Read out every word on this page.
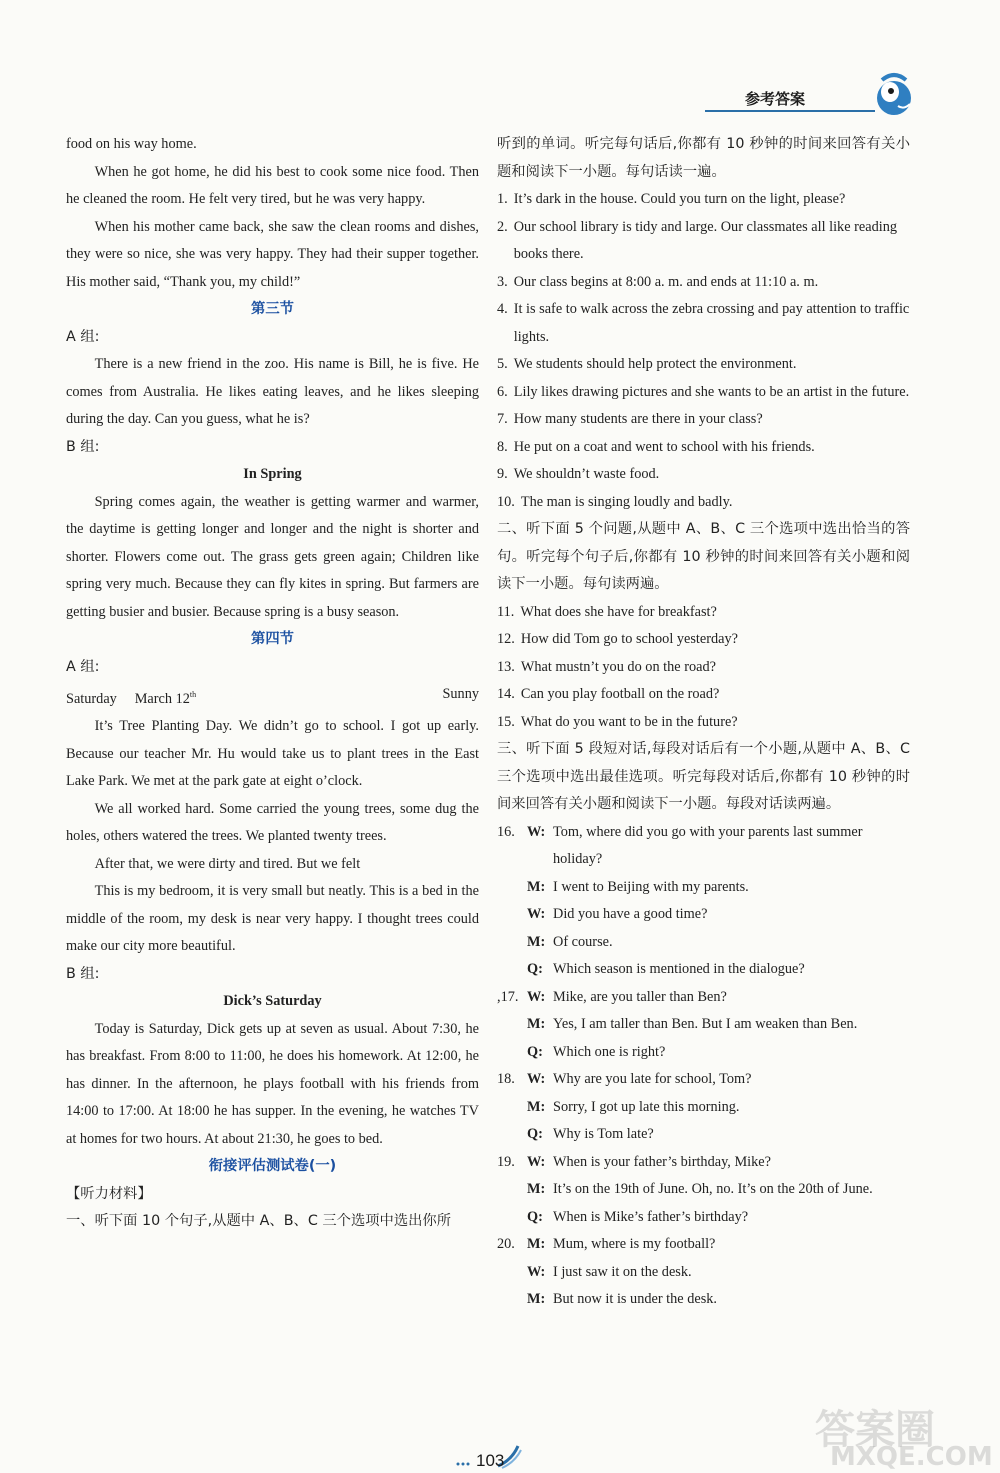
参考答案
food on his way home.
When he got home, he did his best to cook some nice food. Then he cleaned the room. He felt very tired, but he was very happy.
When his mother came back, she saw the clean rooms and dishes, they were so nice, she was very happy. They had their supper together. His mother said, “Thank you, my child!”
第三节
A 组:
There is a new friend in the zoo. His name is Bill, he is five. He comes from Australia. He likes eating leaves, and he likes sleeping during the day. Can you guess, what he is?
B 组:
In Spring
Spring comes again, the weather is getting warmer and warmer, the daytime is getting longer and longer and the night is shorter and shorter. Flowers come out. The grass gets green again; Children like spring very much. Because they can fly kites in spring. But farmers are getting busier and busier. Because spring is a busy season.
第四节
A 组:
Saturday March 12th	Sunny
It’s Tree Planting Day. We didn’t go to school. I got up early. Because our teacher Mr. Hu would take us to plant trees in the East Lake Park. We met at the park gate at eight o’clock.
We all worked hard. Some carried the young trees, some dug the holes, others watered the trees. We planted twenty trees.
After that, we were dirty and tired. But we felt
This is my bedroom, it is very small but neatly. This is a bed in the middle of the room, my desk is near very happy. I thought trees could make our city more beautiful.
B 组:
Dick’s Saturday
Today is Saturday, Dick gets up at seven as usual. About 7:30, he has breakfast. From 8:00 to 11:00, he does his homework. At 12:00, he has dinner. In the afternoon, he plays football with his friends from 14:00 to 17:00. At 18:00 he has supper. In the evening, he watches TV at homes for two hours. At about 21:30, he goes to bed.
衔接评估测试卷(一)
【听力材料】
一、听下面 10 个句子,从题中 A、B、C 三个选项中选出你所
听到的单词。听完每句话后,你都有 10 秒钟的时间来回答有关小题和阅读下一小题。每句话读一遍。
1. It’s dark in the house. Could you turn on the light, please?
2. Our school library is tidy and large. Our classmates all like reading books there.
3. Our class begins at 8:00 a. m. and ends at 11:10 a. m.
4. It is safe to walk across the zebra crossing and pay attention to traffic lights.
5. We students should help protect the environment.
6. Lily likes drawing pictures and she wants to be an artist in the future.
7. How many students are there in your class?
8. He put on a coat and went to school with his friends.
9. We shouldn’t waste food.
10. The man is singing loudly and badly.
二、听下面 5 个问题,从题中 A、B、C 三个选项中选出恰当的答句。听完每个句子后,你都有 10 秒钟的时间来回答有关小题和阅读下一小题。每句读两遍。
11. What does she have for breakfast?
12. How did Tom go to school yesterday?
13. What mustn’t you do on the road?
14. Can you play football on the road?
15. What do you want to be in the future?
三、听下面 5 段短对话,每段对话后有一个小题,从题中 A、B、C 三个选项中选出最佳选项。听完每段对话后,你都有 10 秒钟的时间来回答有关小题和阅读下一小题。每段对话读两遍。
16. W: Tom, where did you go with your parents last summer holiday?
M: I went to Beijing with my parents.
W: Did you have a good time?
M: Of course.
Q: Which season is mentioned in the dialogue?
,17. W: Mike, are you taller than Ben?
M: Yes, I am taller than Ben. But I am weaken than Ben.
Q: Which one is right?
18. W: Why are you late for school, Tom?
M: Sorry, I got up late this morning.
Q: Why is Tom late?
19. W: When is your father’s birthday, Mike?
M: It’s on the 19th of June. Oh, no. It’s on the 20th of June.
Q: When is Mike’s father’s birthday?
20. M: Mum, where is my football?
W: I just saw it on the desk.
M: But now it is under the desk.
103
答案圈
MXQE.COM
